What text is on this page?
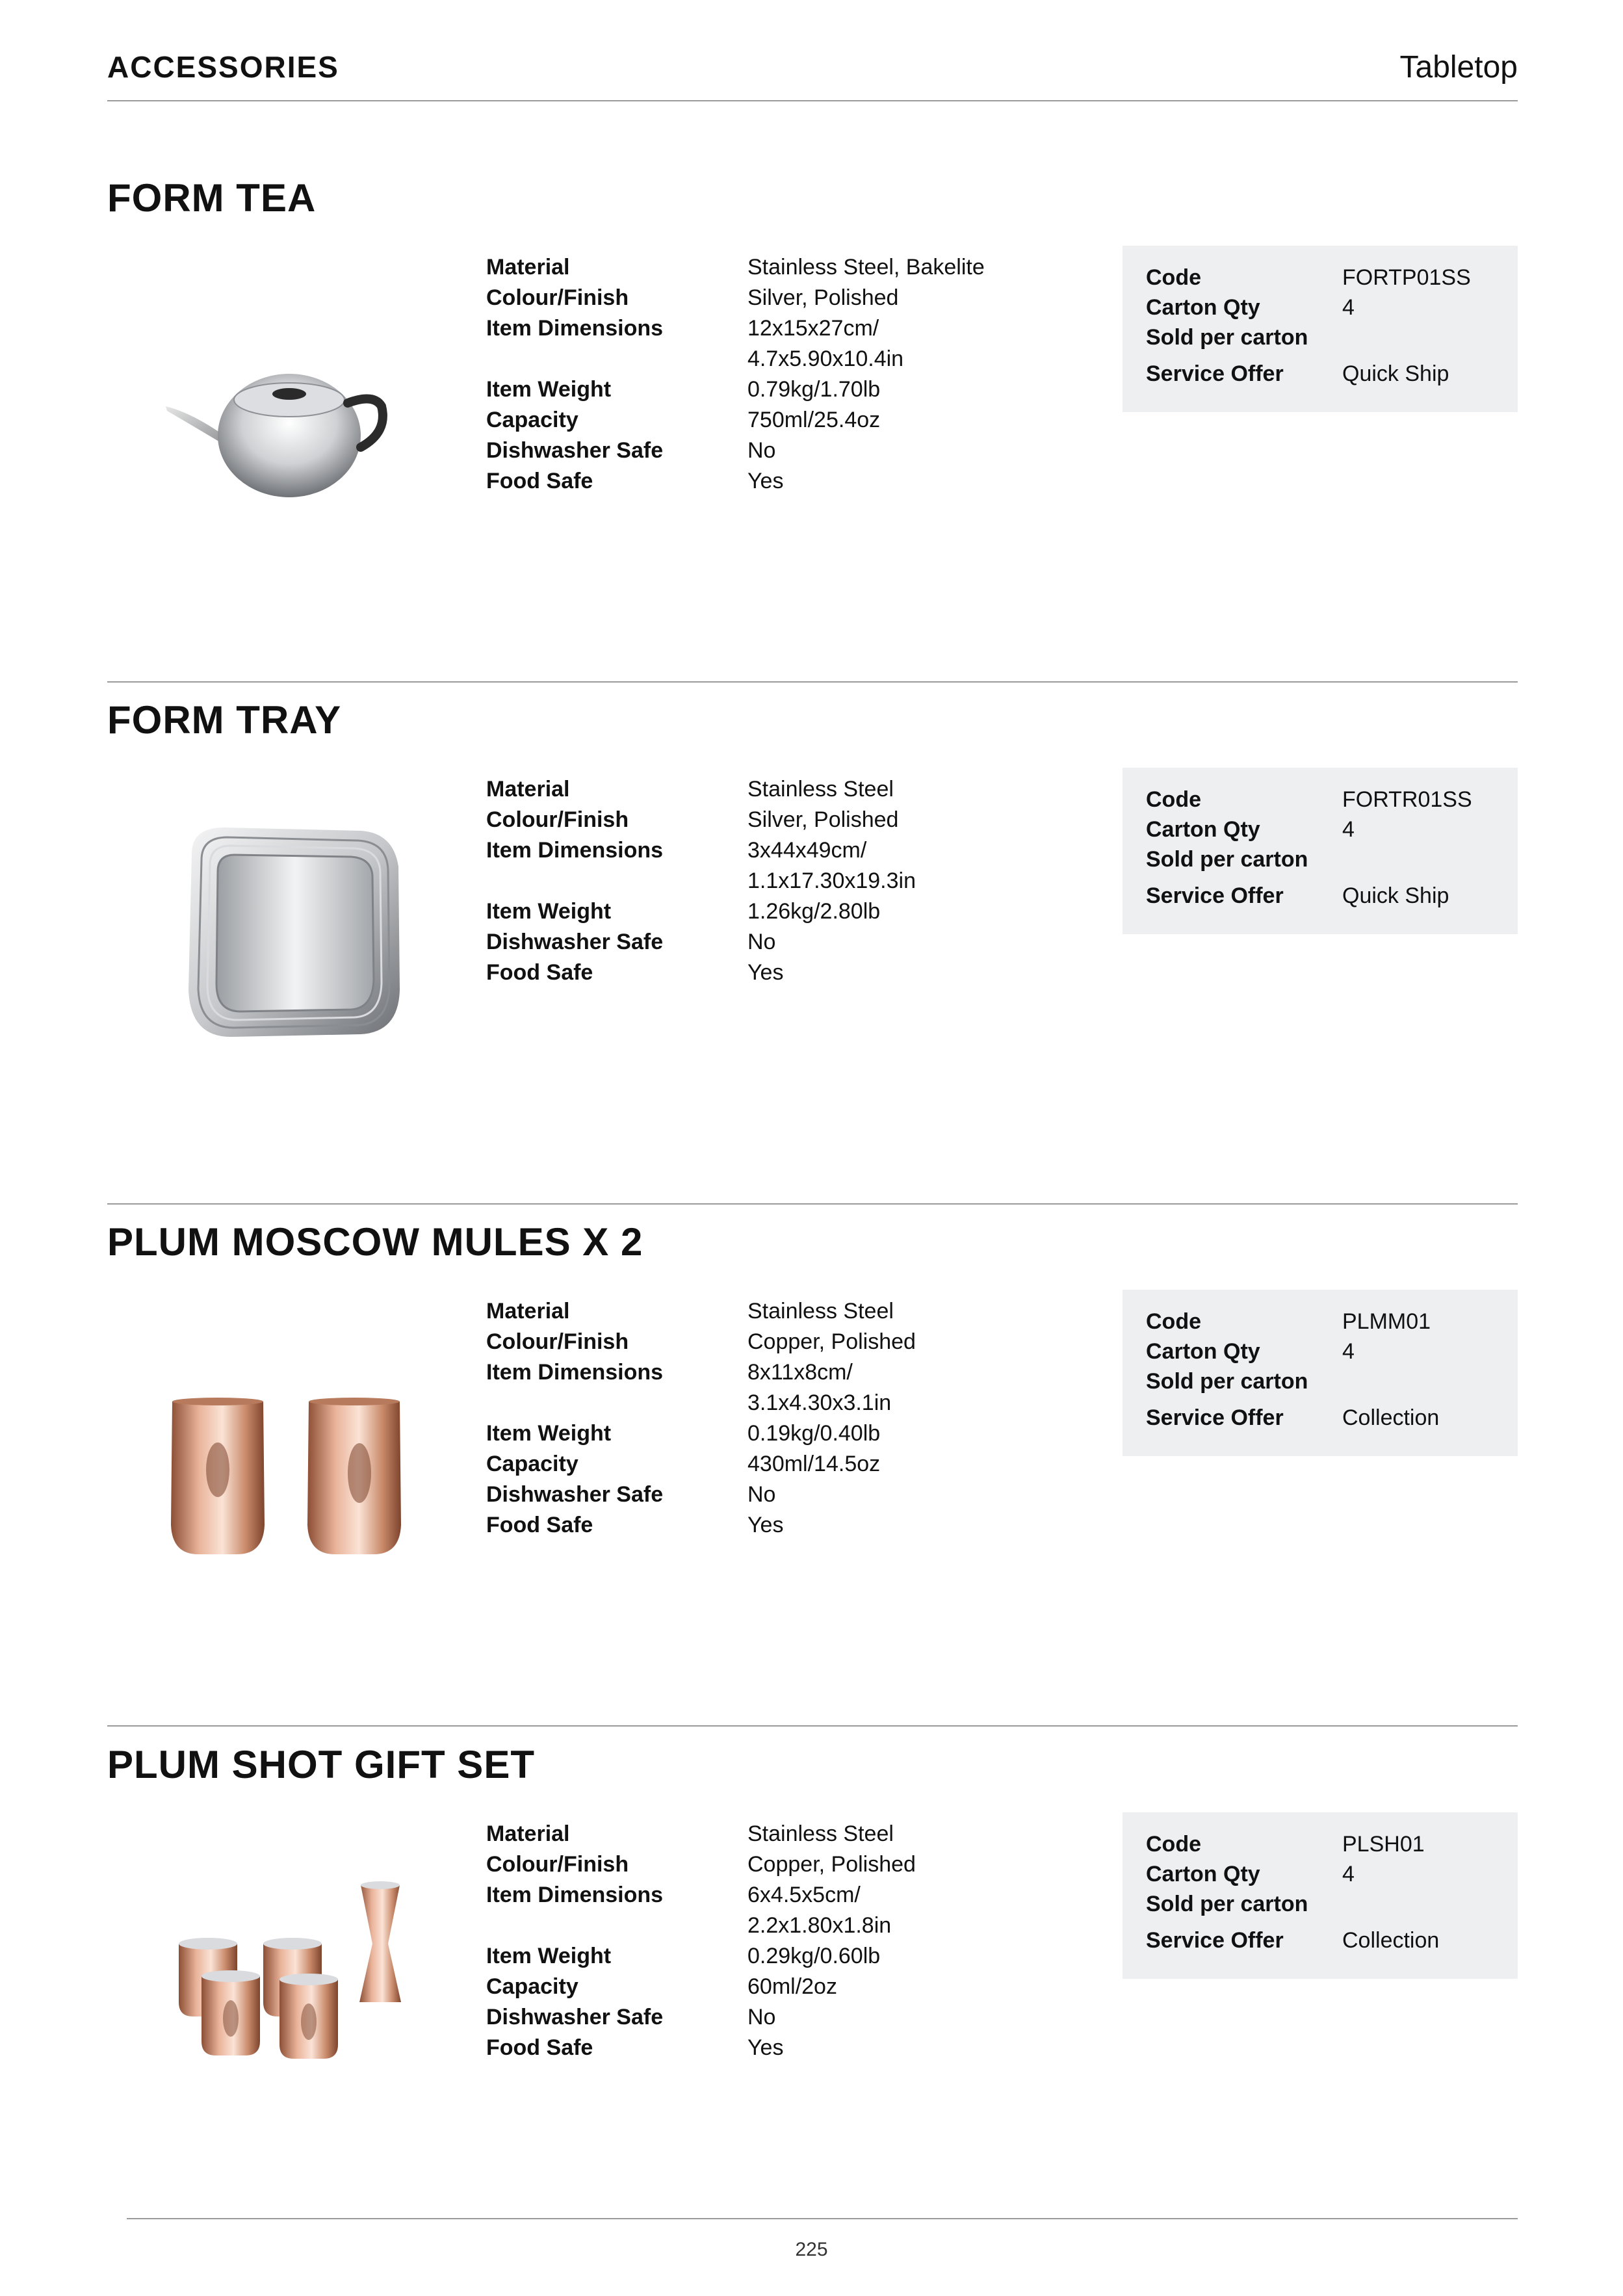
ACCESSORIES	Tabletop
FORM TEA
Material	Stainless Steel, Bakelite
Colour/Finish	Silver, Polished
Item Dimensions	12x15x27cm/
4.7x5.90x10.4in
Item Weight	0.79kg/1.70lb
Capacity	750ml/25.4oz
Dishwasher Safe	No
Food Safe	Yes
Code	FORTP01SS
Carton Qty	4
Sold per carton
Service Offer	Quick Ship
FORM TRAY
Material	Stainless Steel
Colour/Finish	Silver, Polished
Item Dimensions	3x44x49cm/
1.1x17.30x19.3in
Item Weight	1.26kg/2.80lb
Dishwasher Safe	No
Food Safe	Yes
Code	FORTR01SS
Carton Qty	4
Sold per carton
Service Offer	Quick Ship
PLUM MOSCOW MULES X 2
Material	Stainless Steel
Colour/Finish	Copper, Polished
Item Dimensions	8x11x8cm/
3.1x4.30x3.1in
Item Weight	0.19kg/0.40lb
Capacity	430ml/14.5oz
Dishwasher Safe	No
Food Safe	Yes
Code	PLMM01
Carton Qty	4
Sold per carton
Service Offer	Collection
PLUM SHOT GIFT SET
Material	Stainless Steel
Colour/Finish	Copper, Polished
Item Dimensions	6x4.5x5cm/
2.2x1.80x1.8in
Item Weight	0.29kg/0.60lb
Capacity	60ml/2oz
Dishwasher Safe	No
Food Safe	Yes
Code	PLSH01
Carton Qty	4
Sold per carton
Service Offer	Collection
225
